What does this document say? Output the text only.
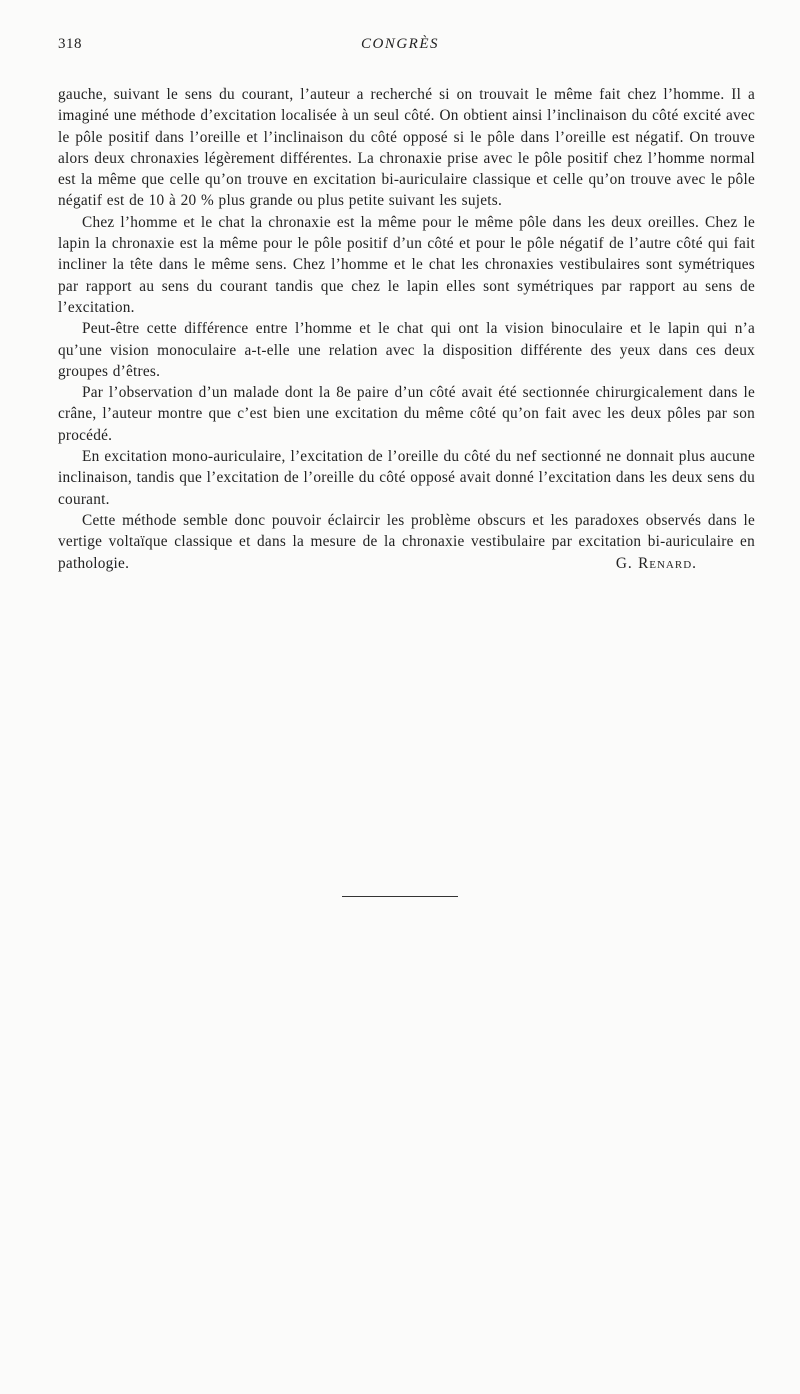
318	CONGRÈS

gauche, suivant le sens du courant, l’auteur a recherché si on trouvait le même fait chez l’homme. Il a imaginé une méthode d’excitation localisée à un seul côté. On obtient ainsi l’inclinaison du côté excité avec le pôle positif dans l’oreille et l’inclinaison du côté opposé si le pôle dans l’oreille est négatif. On trouve alors deux chronaxies légèrement différentes. La chronaxie prise avec le pôle positif chez l’homme normal est la même que celle qu’on trouve en excitation bi-auriculaire classique et celle qu’on trouve avec le pôle négatif est de 10 à 20 % plus grande ou plus petite suivant les sujets.

Chez l’homme et le chat la chronaxie est la même pour le même pôle dans les deux oreilles. Chez le lapin la chronaxie est la même pour le pôle positif d’un côté et pour le pôle négatif de l’autre côté qui fait incliner la tête dans le même sens. Chez l’homme et le chat les chronaxies vestibulaires sont symétriques par rapport au sens du courant tandis que chez le lapin elles sont symétriques par rapport au sens de l’excitation.

Peut-être cette différence entre l’homme et le chat qui ont la vision binoculaire et le lapin qui n’a qu’une vision monoculaire a-t-elle une relation avec la disposition différente des yeux dans ces deux groupes d’êtres.

Par l’observation d’un malade dont la 8e paire d’un côté avait été sectionnée chirurgicalement dans le crâne, l’auteur montre que c’est bien une excitation du même côté qu’on fait avec les deux pôles par son procédé.

En excitation mono-auriculaire, l’excitation de l’oreille du côté du nef sectionné ne donnait plus aucune inclinaison, tandis que l’excitation de l’oreille du côté opposé avait donné l’excitation dans les deux sens du courant.

Cette méthode semble donc pouvoir éclaircir les problème obscurs et les paradoxes observés dans le vertige voltaïque classique et dans la mesure de la chronaxie vestibulaire par excitation bi-auriculaire en pathologie.	G. Renard.
